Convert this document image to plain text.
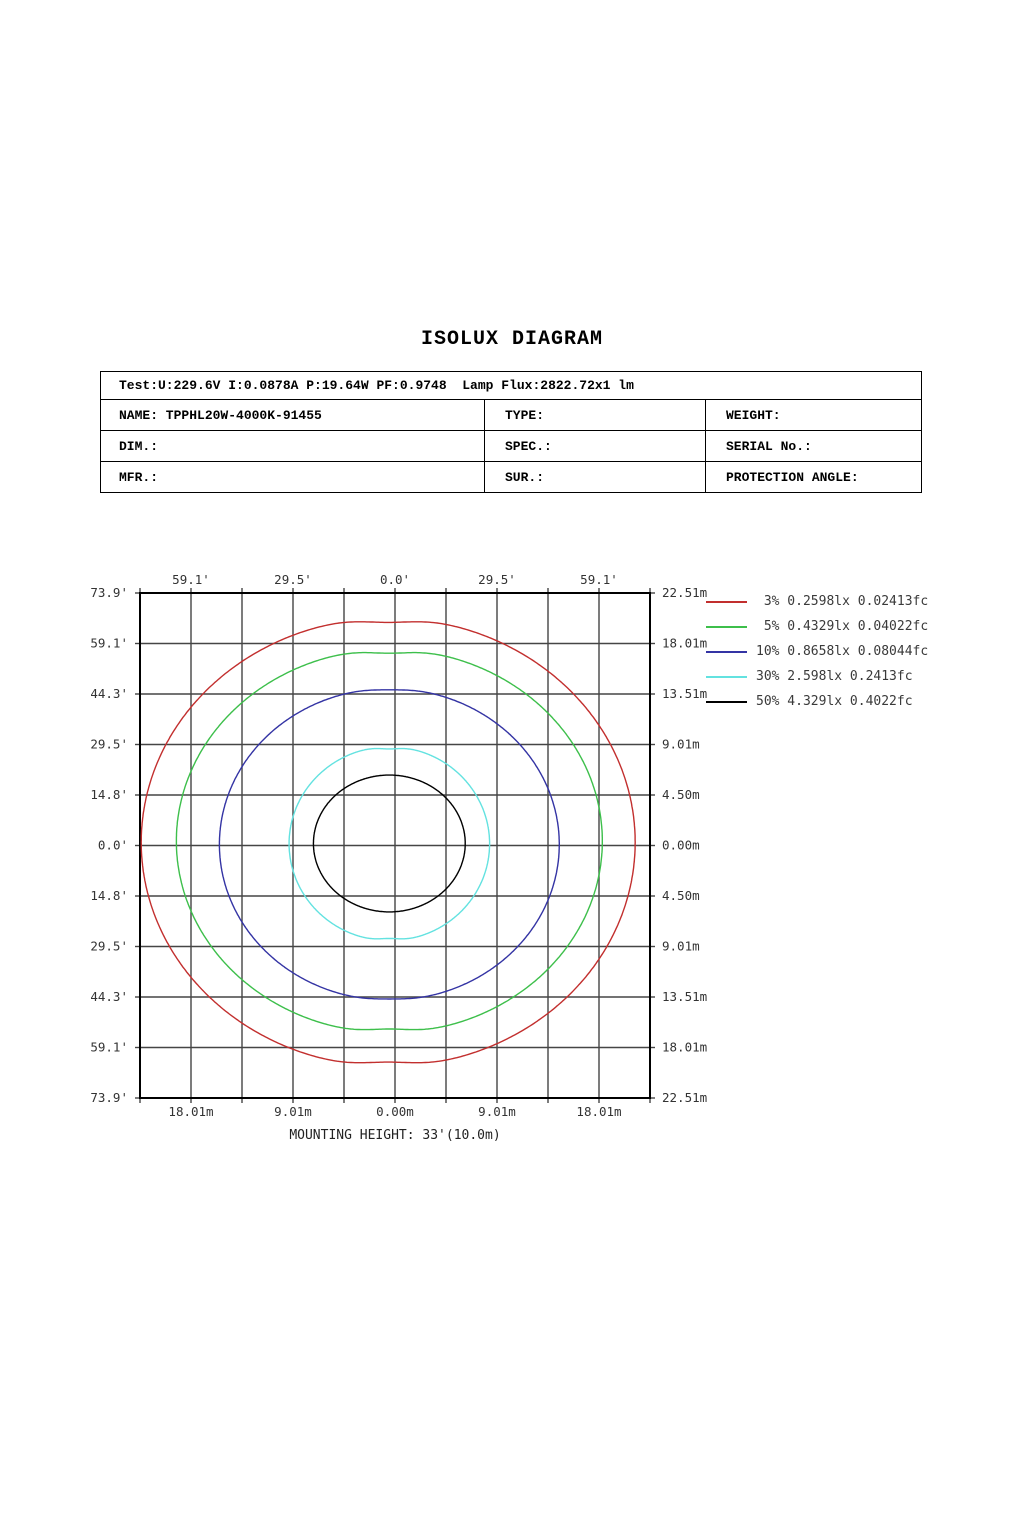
ISOLUX DIAGRAM
Test:U:229.6V I:0.0878A P:19.64W PF:0.9748  Lamp Flux:2822.72x1 lm
NAME: TPPHL20W-4000K-91455	TYPE:	WEIGHT:
DIM.:	SPEC.:	SERIAL No.:
MFR.:	SUR.:	PROTECTION ANGLE:
59.1'	29.5'	0.0'	29.5'	59.1'
18.01m	9.01m	0.00m	9.01m	18.01m
73.9'
59.1'
44.3'
29.5'
14.8'
0.0'
14.8'
29.5'
44.3'
59.1'
73.9'
22.51m
18.01m
13.51m
9.01m
4.50m
0.00m
4.50m
9.01m
13.51m
18.01m
22.51m
3% 0.2598lx 0.02413fc
5% 0.4329lx 0.04022fc
10% 0.8658lx 0.08044fc
30% 2.598lx 0.2413fc
50% 4.329lx 0.4022fc
MOUNTING HEIGHT: 33'(10.0m)
